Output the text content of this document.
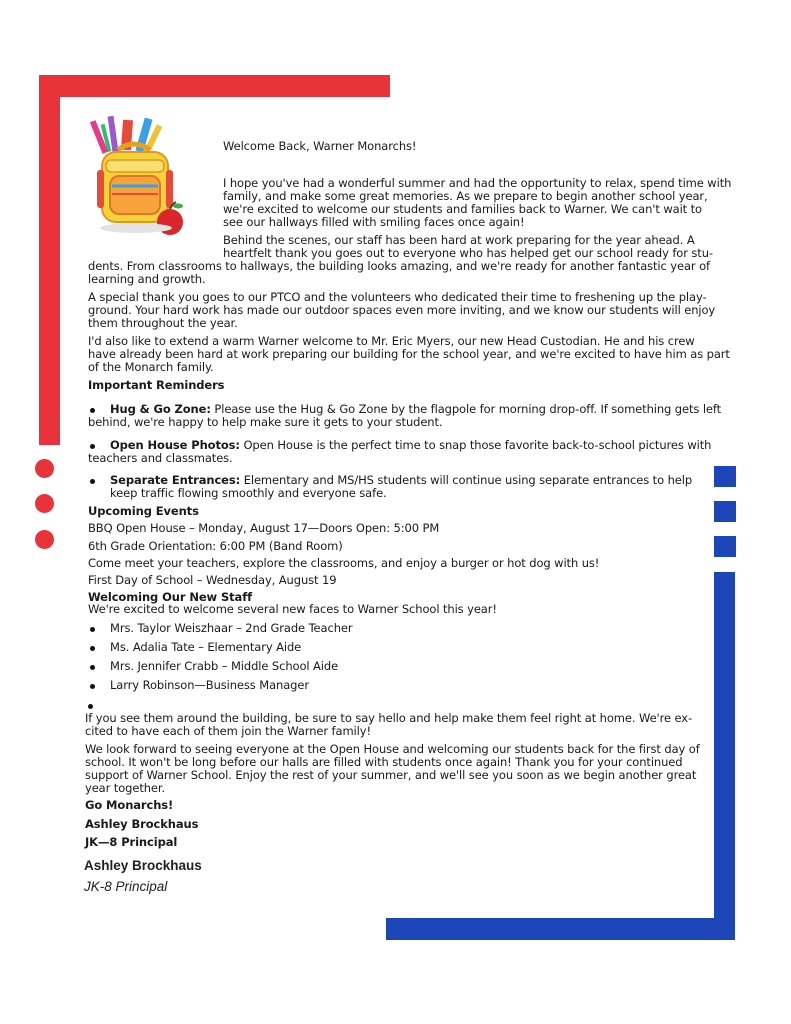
Welcome Back, Warner Monarchs!
I hope you've had a wonderful summer and had the opportunity to relax, spend time with
family, and make some great memories. As we prepare to begin another school year,
we're excited to welcome our students and families back to Warner. We can't wait to
see our hallways filled with smiling faces once again!
Behind the scenes, our staff has been hard at work preparing for the year ahead. A
heartfelt thank you goes out to everyone who has helped get our school ready for stu-
dents. From classrooms to hallways, the building looks amazing, and we're ready for another fantastic year of
learning and growth.
A special thank you goes to our PTCO and the volunteers who dedicated their time to freshening up the play-
ground. Your hard work has made our outdoor spaces even more inviting, and we know our students will enjoy
them throughout the year.
I'd also like to extend a warm Warner welcome to Mr. Eric Myers, our new Head Custodian. He and his crew
have already been hard at work preparing our building for the school year, and we're excited to have him as part
of the Monarch family.
Important Reminders
Hug & Go Zone: Please use the Hug & Go Zone by the flagpole for morning drop-off. If something gets left
behind, we're happy to help make sure it gets to your student.
Open House Photos: Open House is the perfect time to snap those favorite back-to-school pictures with
teachers and classmates.
Separate Entrances: Elementary and MS/HS students will continue using separate entrances to help
keep traffic flowing smoothly and everyone safe.
Upcoming Events
BBQ Open House – Monday, August 17—Doors Open: 5:00 PM
6th Grade Orientation: 6:00 PM (Band Room)
Come meet your teachers, explore the classrooms, and enjoy a burger or hot dog with us!
First Day of School – Wednesday, August 19
Welcoming Our New Staff
We're excited to welcome several new faces to Warner School this year!
Mrs. Taylor Weiszhaar – 2nd Grade Teacher
Ms. Adalia Tate – Elementary Aide
Mrs. Jennifer Crabb – Middle School Aide
Larry Robinson—Business Manager
If you see them around the building, be sure to say hello and help make them feel right at home. We're ex-
cited to have each of them join the Warner family!
We look forward to seeing everyone at the Open House and welcoming our students back for the first day of
school. It won't be long before our halls are filled with students once again! Thank you for your continued
support of Warner School. Enjoy the rest of your summer, and we'll see you soon as we begin another great
year together.
Go Monarchs!
Ashley Brockhaus
JK—8 Principal
Ashley Brockhaus
JK-8 Principal
